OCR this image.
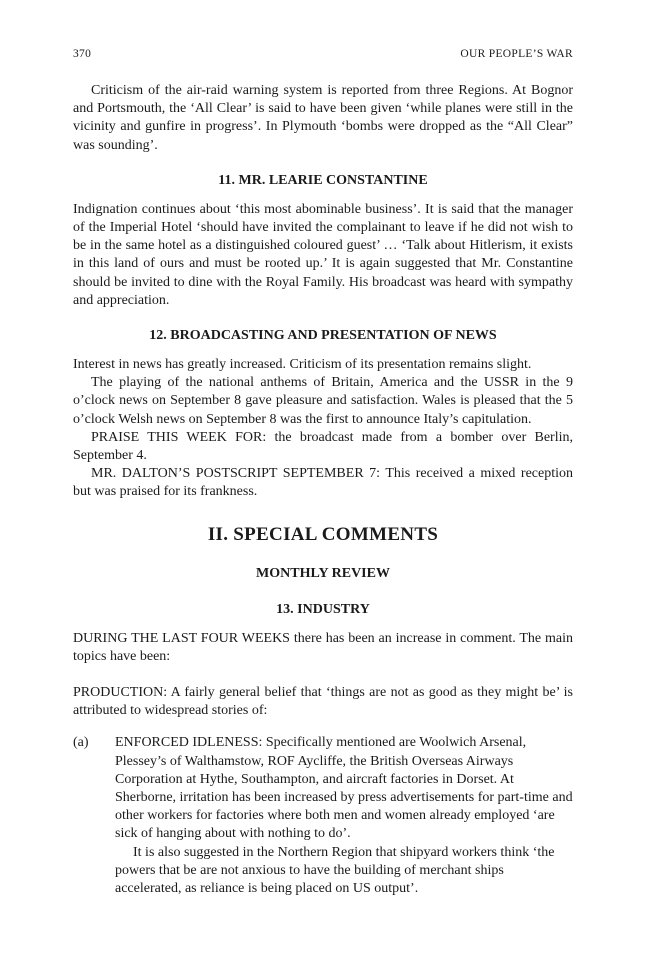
370	OUR PEOPLE’S WAR

Criticism of the air-raid warning system is reported from three Regions. At Bognor and Portsmouth, the ‘All Clear’ is said to have been given ‘while planes were still in the vicinity and gunfire in progress’. In Plymouth ‘bombs were dropped as the “All Clear” was sounding’.

11. MR. LEARIE CONSTANTINE

Indignation continues about ‘this most abominable business’. It is said that the manager of the Imperial Hotel ‘should have invited the complainant to leave if he did not wish to be in the same hotel as a distinguished coloured guest’ … ‘Talk about Hitlerism, it exists in this land of ours and must be rooted up.’ It is again suggested that Mr. Constantine should be invited to dine with the Royal Family. His broadcast was heard with sympathy and appreciation.

12. BROADCASTING AND PRESENTATION OF NEWS

Interest in news has greatly increased. Criticism of its presentation remains slight.

The playing of the national anthems of Britain, America and the USSR in the 9 o’clock news on September 8 gave pleasure and satisfaction. Wales is pleased that the 5 o’clock Welsh news on September 8 was the first to announce Italy’s capitulation.

PRAISE THIS WEEK FOR: the broadcast made from a bomber over Berlin, September 4.

MR. DALTON’S POSTSCRIPT SEPTEMBER 7: This received a mixed reception but was praised for its frankness.

II. SPECIAL COMMENTS
MONTHLY REVIEW
13. INDUSTRY

DURING THE LAST FOUR WEEKS there has been an increase in comment. The main topics have been:

PRODUCTION: A fairly general belief that ‘things are not as good as they might be’ is attributed to widespread stories of:

(a)	ENFORCED IDLENESS: Specifically mentioned are Woolwich Arsenal, Plessey’s of Walthamstow, ROF Aycliffe, the British Overseas Airways Corporation at Hythe, Southampton, and aircraft factories in Dorset. At Sherborne, irritation has been increased by press advertisements for part-time and other workers for factories where both men and women already employed ‘are sick of hanging about with nothing to do’.

It is also suggested in the Northern Region that shipyard workers think ‘the powers that be are not anxious to have the building of merchant ships accelerated, as reliance is being placed on US output’.
